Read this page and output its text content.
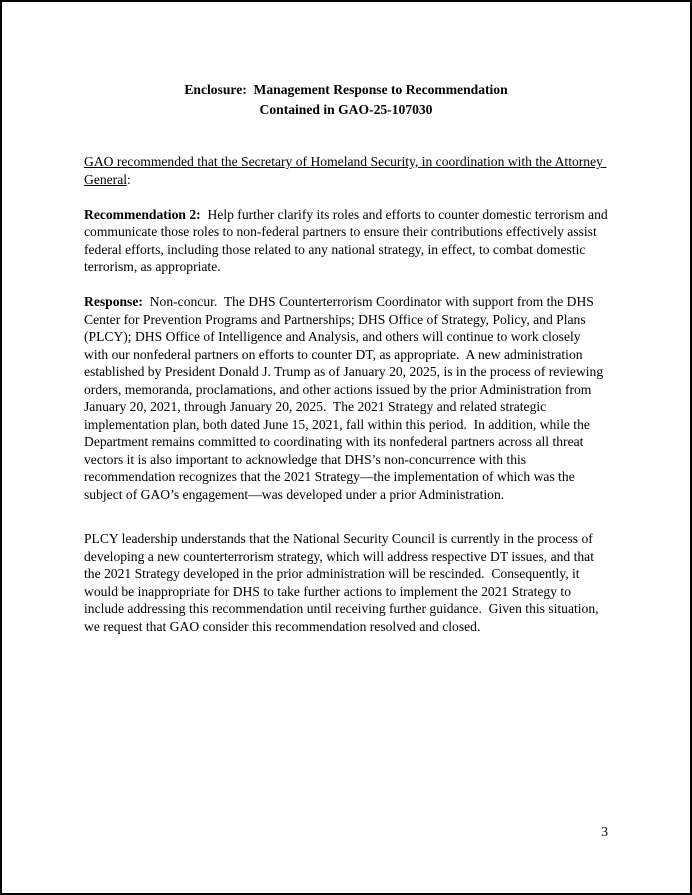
Enclosure:  Management Response to Recommendation
Contained in GAO-25-107030

GAO recommended that the Secretary of Homeland Security, in coordination with the Attorney General:

Recommendation 2:  Help further clarify its roles and efforts to counter domestic terrorism and communicate those roles to non-federal partners to ensure their contributions effectively assist federal efforts, including those related to any national strategy, in effect, to combat domestic terrorism, as appropriate.

Response:  Non-concur.  The DHS Counterterrorism Coordinator with support from the DHS Center for Prevention Programs and Partnerships; DHS Office of Strategy, Policy, and Plans (PLCY); DHS Office of Intelligence and Analysis, and others will continue to work closely with our nonfederal partners on efforts to counter DT, as appropriate.  A new administration established by President Donald J. Trump as of January 20, 2025, is in the process of reviewing orders, memoranda, proclamations, and other actions issued by the prior Administration from January 20, 2021, through January 20, 2025.  The 2021 Strategy and related strategic implementation plan, both dated June 15, 2021, fall within this period.  In addition, while the Department remains committed to coordinating with its nonfederal partners across all threat vectors it is also important to acknowledge that DHS’s non-concurrence with this recommendation recognizes that the 2021 Strategy—the implementation of which was the subject of GAO’s engagement—was developed under a prior Administration.

PLCY leadership understands that the National Security Council is currently in the process of developing a new counterterrorism strategy, which will address respective DT issues, and that the 2021 Strategy developed in the prior administration will be rescinded.  Consequently, it would be inappropriate for DHS to take further actions to implement the 2021 Strategy to include addressing this recommendation until receiving further guidance.  Given this situation, we request that GAO consider this recommendation resolved and closed.

3
